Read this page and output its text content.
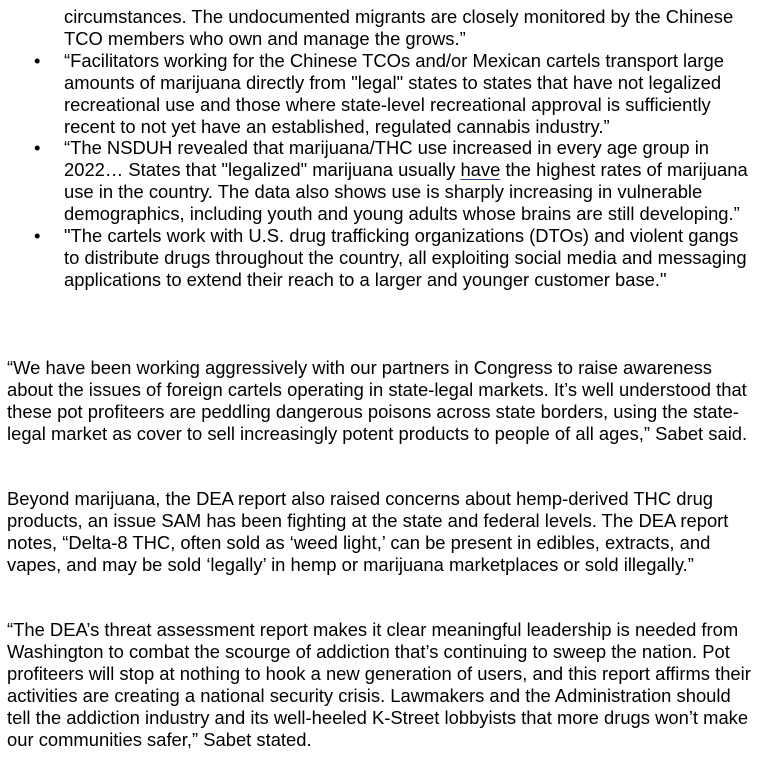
circumstances. The undocumented migrants are closely monitored by the Chinese TCO members who own and manage the grows.”
• “Facilitators working for the Chinese TCOs and/or Mexican cartels transport large amounts of marijuana directly from "legal" states to states that have not legalized recreational use and those where state-level recreational approval is sufficiently recent to not yet have an established, regulated cannabis industry.”
• “The NSDUH revealed that marijuana/THC use increased in every age group in 2022… States that "legalized" marijuana usually have the highest rates of marijuana use in the country. The data also shows use is sharply increasing in vulnerable demographics, including youth and young adults whose brains are still developing.”
• "The cartels work with U.S. drug trafficking organizations (DTOs) and violent gangs to distribute drugs throughout the country, all exploiting social media and messaging applications to extend their reach to a larger and younger customer base."

“We have been working aggressively with our partners in Congress to raise awareness about the issues of foreign cartels operating in state-legal markets. It’s well understood that these pot profiteers are peddling dangerous poisons across state borders, using the state-legal market as cover to sell increasingly potent products to people of all ages,” Sabet said.

Beyond marijuana, the DEA report also raised concerns about hemp-derived THC drug products, an issue SAM has been fighting at the state and federal levels. The DEA report notes, “Delta-8 THC, often sold as ‘weed light,’ can be present in edibles, extracts, and vapes, and may be sold ‘legally’ in hemp or marijuana marketplaces or sold illegally.”

“The DEA’s threat assessment report makes it clear meaningful leadership is needed from Washington to combat the scourge of addiction that’s continuing to sweep the nation. Pot profiteers will stop at nothing to hook a new generation of users, and this report affirms their activities are creating a national security crisis. Lawmakers and the Administration should tell the addiction industry and its well-heeled K-Street lobbyists that more drugs won’t make our communities safer,” Sabet stated.
